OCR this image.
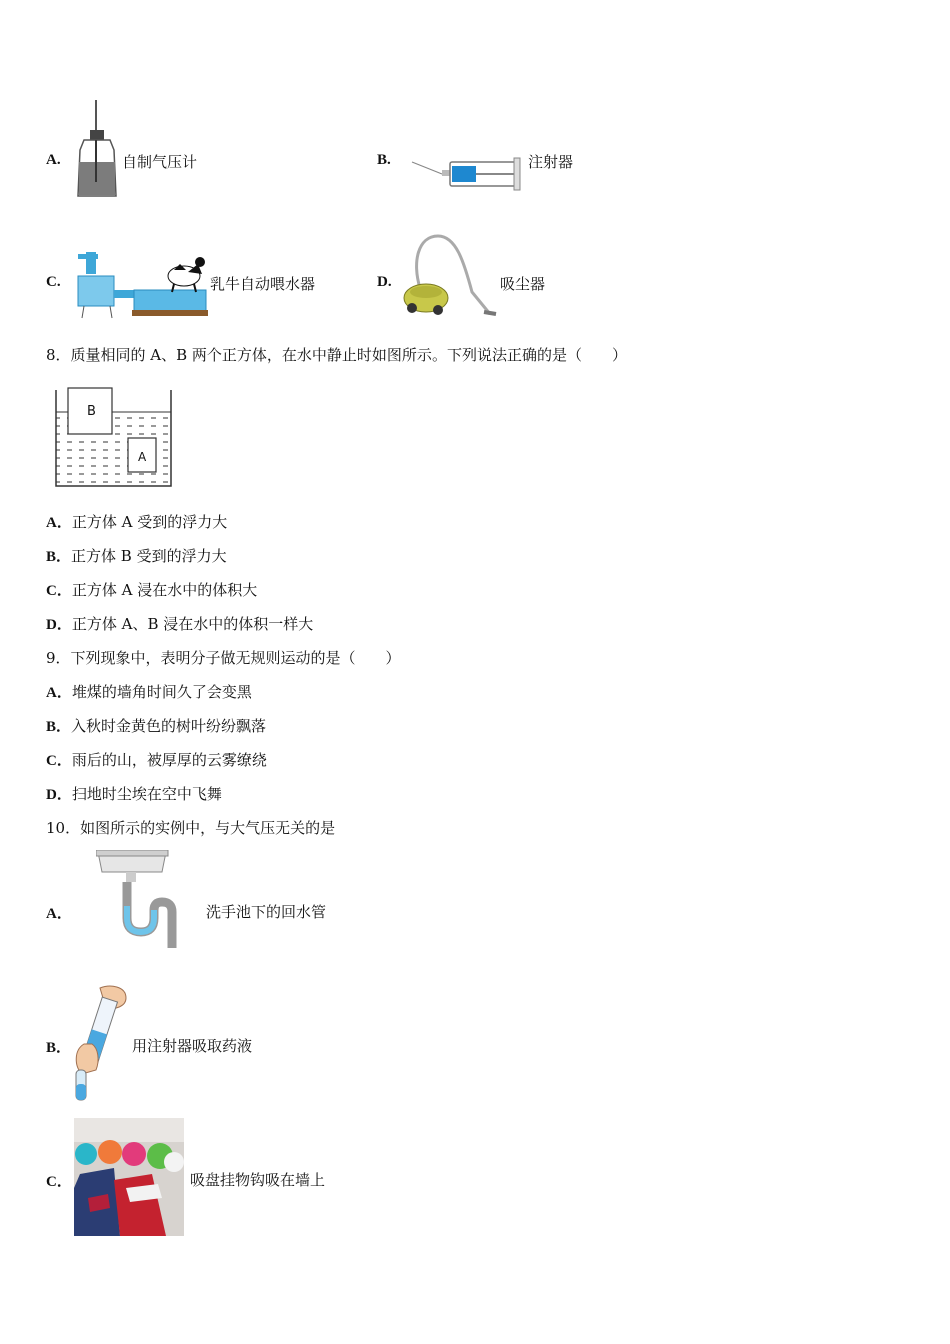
A.	自制气压计	B.	注射器
C.	乳牛自动喂水器	D.	吸尘器
8．质量相同的 A、B 两个正方体，在水中静止时如图所示。下列说法正确的是（　　）
B
A
A．正方体 A 受到的浮力大
B．正方体 B 受到的浮力大
C．正方体 A 浸在水中的体积大
D．正方体 A、B 浸在水中的体积一样大
9．下列现象中，表明分子做无规则运动的是（　　）
A．堆煤的墙角时间久了会变黑
B．入秋时金黄色的树叶纷纷飘落
C．雨后的山，被厚厚的云雾缭绕
D．扫地时尘埃在空中飞舞
10．如图所示的实例中，与大气压无关的是
A．	洗手池下的回水管
B．	用注射器吸取药液
C．	吸盘挂物钩吸在墙上
